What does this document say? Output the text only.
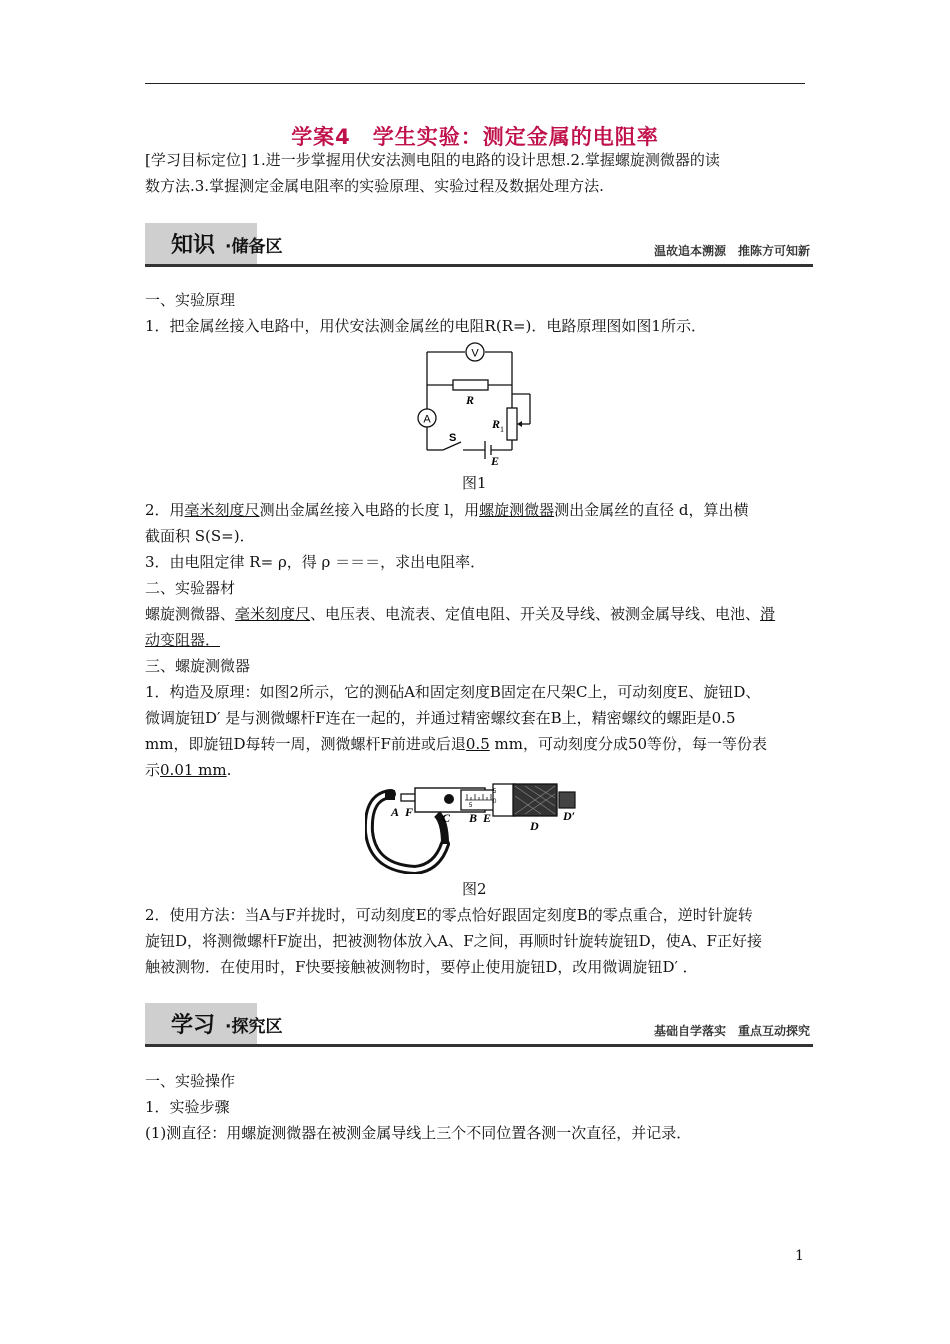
学案4　学生实验：测定金属的电阻率
[学习目标定位] 1.进一步掌握用伏安法测电阻的电路的设计思想.2.掌握螺旋测微器的读
数方法.3.掌握测定金属电阻率的实验原理、实验过程及数据处理方法.
知识 ·储备区	温故追本溯源　推陈方可知新
一、实验原理
1．把金属丝接入电路中，用伏安法测金属丝的电阻R(R=)．电路原理图如图1所示．
V
A
R
R 1
S
E
图1
2．用毫米刻度尺测出金属丝接入电路的长度 l，用螺旋测微器测出金属丝的直径 d，算出横
截面积 S(S=)．
3．由电阻定律 R= ρ，得 ρ ＝＝＝，求出电阻率．
二、实验器材
螺旋测微器、毫米刻度尺、电压表、电流表、定值电阻、开关及导线、被测金属导线、电池、滑
动变阻器．
三、螺旋测微器
1．构造及原理：如图2所示，它的测砧A和固定刻度B固定在尺架C上，可动刻度E、旋钮D、
微调旋钮D′ 是与测微螺杆F连在一起的，并通过精密螺纹套在B上，精密螺纹的螺距是0.5
mm，即旋钮D每转一周，测微螺杆F前进或后退0.5 mm，可动刻度分成50等份，每一等份表
示0.01 mm.
5
0
5
A F C B E
D
D′
图2
2．使用方法：当A与F并拢时，可动刻度E的零点恰好跟固定刻度B的零点重合，逆时针旋转
旋钮D，将测微螺杆F旋出，把被测物体放入A、F之间，再顺时针旋转旋钮D，使A、F正好接
触被测物．在使用时，F快要接触被测物时，要停止使用旋钮D，改用微调旋钮D′ ．
学习 ·探究区	基础自学落实　重点互动探究
一、实验操作
1．实验步骤
(1)测直径：用螺旋测微器在被测金属导线上三个不同位置各测一次直径，并记录．
1
